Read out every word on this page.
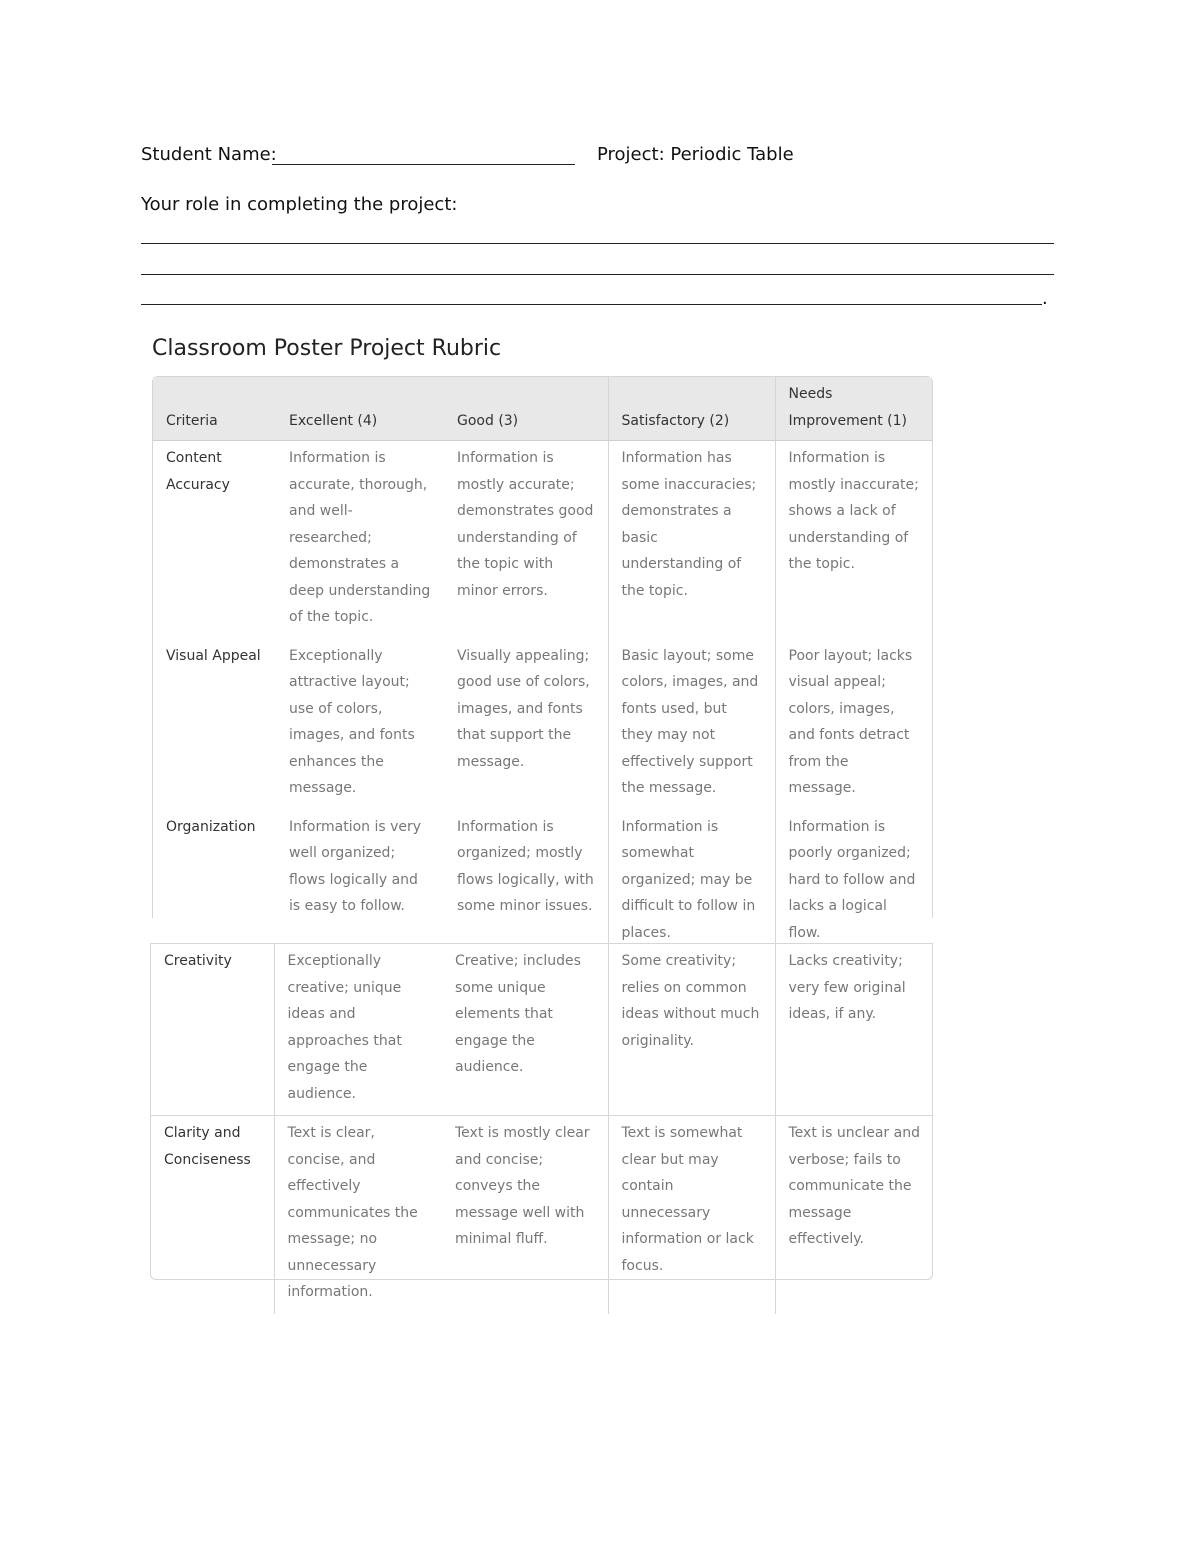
Student Name:	Project: Periodic Table
Your role in completing the project:
.
Classroom Poster Project Rubric
Criteria	Excellent (4)	Good (3)	Satisfactory (2)	Needs Improvement (1)
Content Accuracy	Information is accurate, thorough, and well-researched; demonstrates a deep understanding of the topic.	Information is mostly accurate; demonstrates good understanding of the topic with minor errors.	Information has some inaccuracies; demonstrates a basic understanding of the topic.	Information is mostly inaccurate; shows a lack of understanding of the topic.
Visual Appeal	Exceptionally attractive layout; use of colors, images, and fonts enhances the message.	Visually appealing; good use of colors, images, and fonts that support the message.	Basic layout; some colors, images, and fonts used, but they may not effectively support the message.	Poor layout; lacks visual appeal; colors, images, and fonts detract from the message.
Organization	Information is very well organized; flows logically and is easy to follow.	Information is organized; mostly flows logically, with some minor issues.	Information is somewhat organized; may be difficult to follow in places.	Information is poorly organized; hard to follow and lacks a logical flow.
Creativity	Exceptionally creative; unique ideas and approaches that engage the audience.	Creative; includes some unique elements that engage the audience.	Some creativity; relies on common ideas without much originality.	Lacks creativity; very few original ideas, if any.
Clarity and Conciseness	Text is clear, concise, and effectively communicates the message; no unnecessary information.	Text is mostly clear and concise; conveys the message well with minimal fluff.	Text is somewhat clear but may contain unnecessary information or lack focus.	Text is unclear and verbose; fails to communicate the message effectively.
